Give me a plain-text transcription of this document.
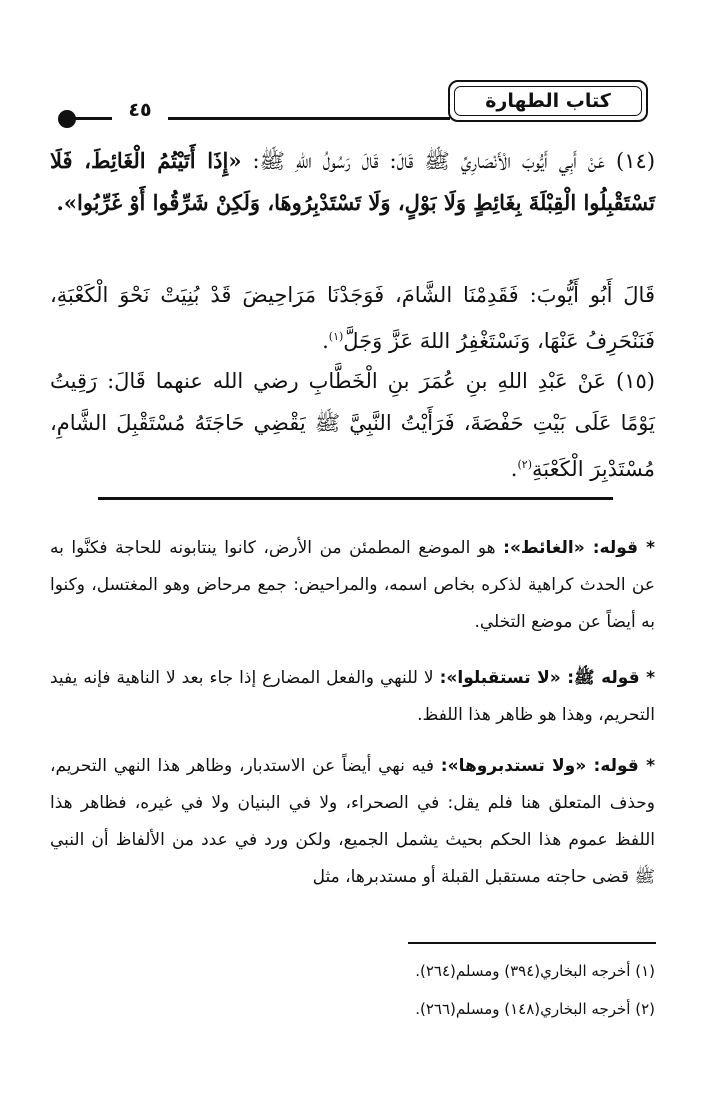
كتاب الطهارة
٤٥
(١٤) عَنْ أَبِي أَيُّوبَ الْأَنْصَارِيِّ ﷺ قَالَ: قَالَ رَسُولُ اللهِ ﷺ: «إِذَا أَتَيْتُمُ الْغَائِطَ، فَلَا تَسْتَقْبِلُوا الْقِبْلَةَ بِغَائِطٍ وَلَا بَوْلٍ، وَلَا تَسْتَدْبِرُوهَا، وَلَكِنْ شَرِّقُوا أَوْ غَرِّبُوا».
قَالَ أَبُو أَيُّوبَ: فَقَدِمْنَا الشَّامَ، فَوَجَدْنَا مَرَاحِيضَ قَدْ بُنِيَتْ نَحْوَ الْكَعْبَةِ، فَنَنْحَرِفُ عَنْهَا، وَنَسْتَغْفِرُ اللهَ عَزَّ وَجَلَّ$^{(١)}$.
(١٥) عَنْ عَبْدِ اللهِ بنِ عُمَرَ بنِ الْخَطَّابِ رضي الله عنهما قَالَ: رَقِيتُ يَوْمًا عَلَى بَيْتِ حَفْصَةَ، فَرَأَيْتُ النَّبِيَّ ﷺ يَقْضِي حَاجَتَهُ مُسْتَقْبِلَ الشَّامِ، مُسْتَدْبِرَ الْكَعْبَةِ$^{(٢)}$.
* قوله: «الغائط»: هو الموضع المطمئن من الأرض، كانوا ينتابونه للحاجة فكنَّوا به عن الحدث كراهية لذكره بخاص اسمه، والمراحيض: جمع مرحاض وهو المغتسل، وكنوا به أيضاً عن موضع التخلي.
* قوله ﷺ: «لا تستقبلوا»: لا للنهي والفعل المضارع إذا جاء بعد لا الناهية فإنه يفيد التحريم، وهذا هو ظاهر هذا اللفظ.
* قوله: «ولا تستدبروها»: فيه نهي أيضاً عن الاستدبار، وظاهر هذا النهي التحريم، وحذف المتعلق هنا فلم يقل: في الصحراء، ولا في البنيان ولا في غيره، فظاهر هذا اللفظ عموم هذا الحكم بحيث يشمل الجميع، ولكن ورد في عدد من الألفاظ أن النبي ﷺ قضى حاجته مستقبل القبلة أو مستدبرها، مثل
(١) أخرجه البخاري(٣٩٤) ومسلم(٢٦٤).
(٢) أخرجه البخاري(١٤٨) ومسلم(٢٦٦).
